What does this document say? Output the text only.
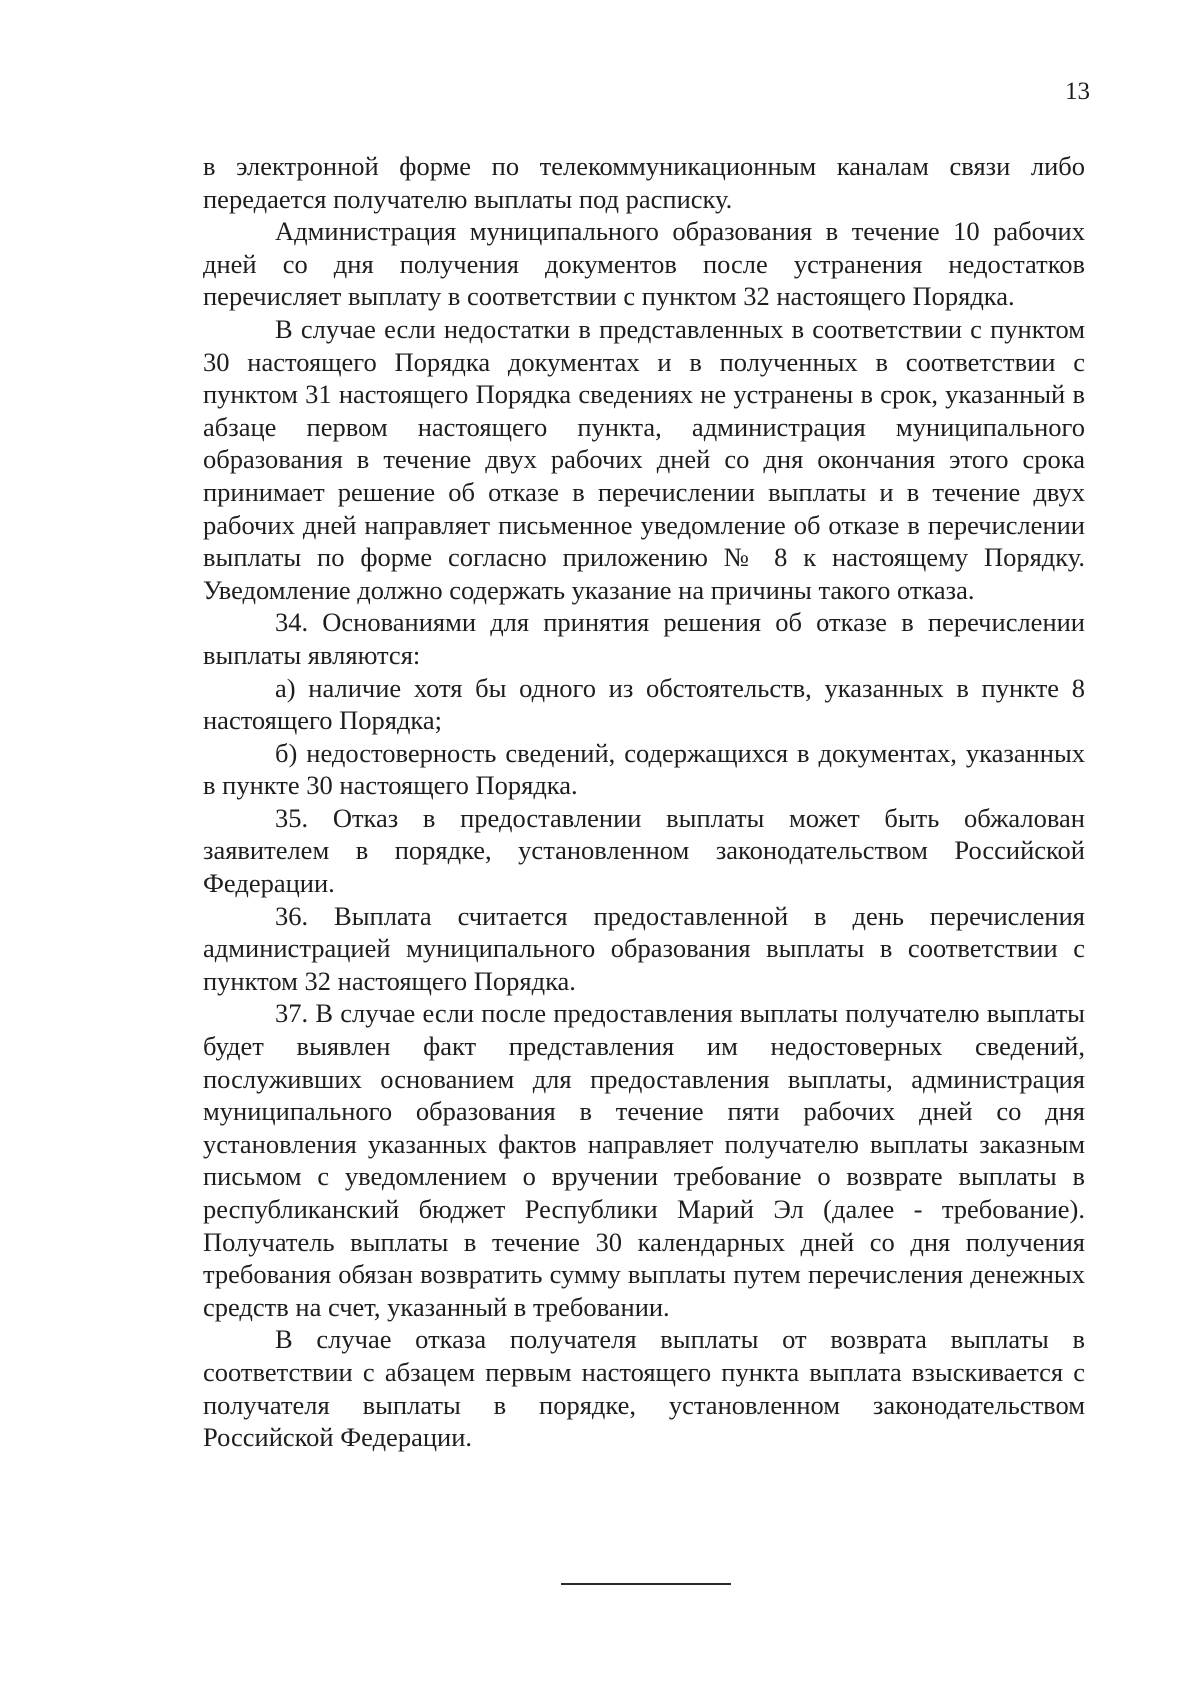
13

в электронной форме по телекоммуникационным каналам связи либо передается получателю выплаты под расписку.

Администрация муниципального образования в течение 10 рабочих дней со дня получения документов после устранения недостатков перечисляет выплату в соответствии с пунктом 32 настоящего Порядка.

В случае если недостатки в представленных в соответствии с пунктом 30 настоящего Порядка документах и в полученных в соответствии с пунктом 31 настоящего Порядка сведениях не устранены в срок, указанный в абзаце первом настоящего пункта, администрация муниципального образования в течение двух рабочих дней со дня окончания этого срока принимает решение об отказе в перечислении выплаты и в течение двух рабочих дней направляет письменное уведомление об отказе в перечислении выплаты по форме согласно приложению № 8 к настоящему Порядку. Уведомление должно содержать указание на причины такого отказа.

34. Основаниями для принятия решения об отказе в перечислении выплаты являются:

а) наличие хотя бы одного из обстоятельств, указанных в пункте 8 настоящего Порядка;

б) недостоверность сведений, содержащихся в документах, указанных в пункте 30 настоящего Порядка.

35. Отказ в предоставлении выплаты может быть обжалован заявителем в порядке, установленном законодательством Российской Федерации.

36. Выплата считается предоставленной в день перечисления администрацией муниципального образования выплаты в соответствии с пунктом 32 настоящего Порядка.

37. В случае если после предоставления выплаты получателю выплаты будет выявлен факт представления им недостоверных сведений, послуживших основанием для предоставления выплаты, администрация муниципального образования в течение пяти рабочих дней со дня установления указанных фактов направляет получателю выплаты заказным письмом с уведомлением о вручении требование о возврате выплаты в республиканский бюджет Республики Марий Эл (далее - требование). Получатель выплаты в течение 30 календарных дней со дня получения требования обязан возвратить сумму выплаты путем перечисления денежных средств на счет, указанный в требовании.

В случае отказа получателя выплаты от возврата выплаты в соответствии с абзацем первым настоящего пункта выплата взыскивается с получателя выплаты в порядке, установленном законодательством Российской Федерации.
